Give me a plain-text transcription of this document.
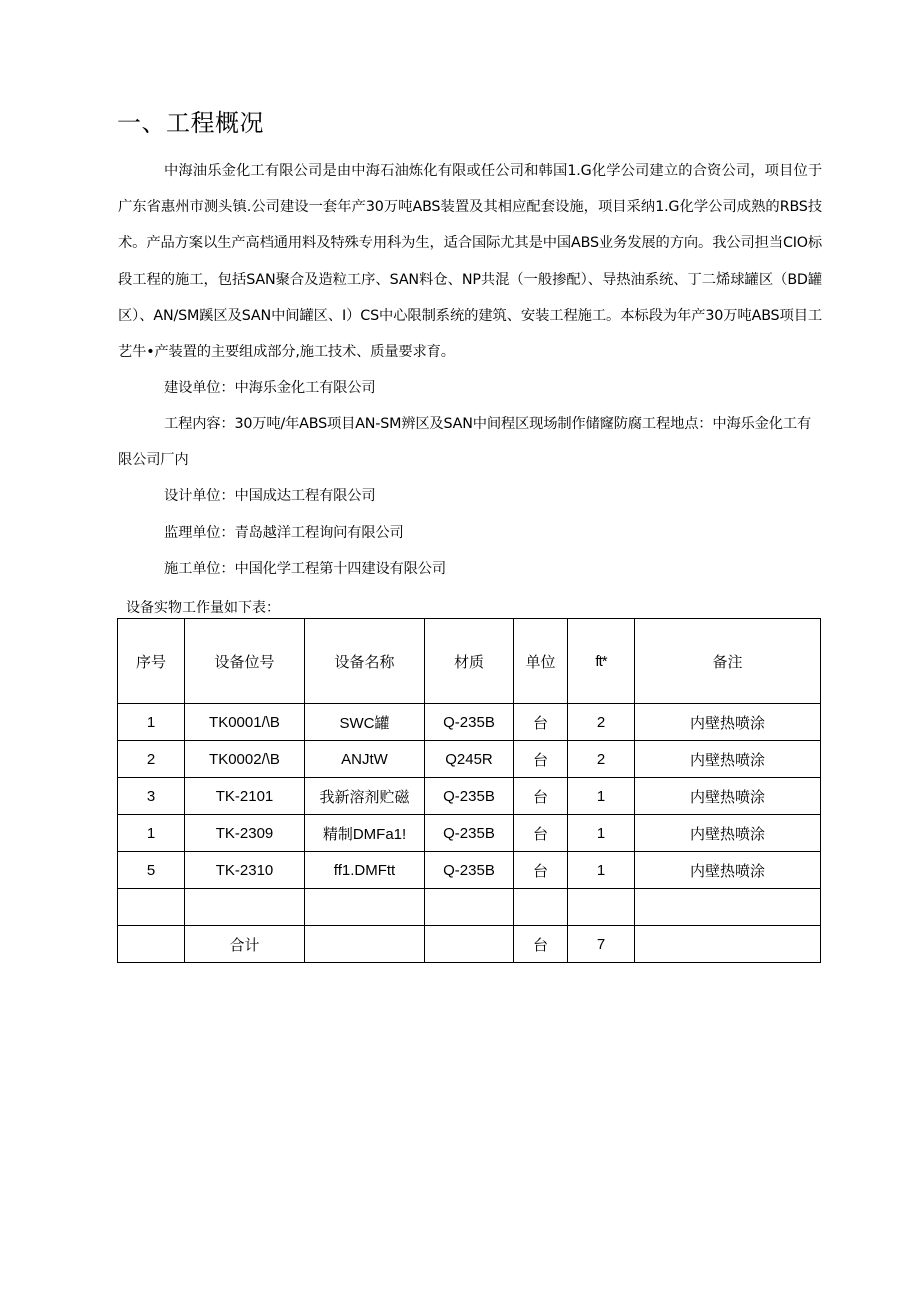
一、工程概况

中海油乐金化工有限公司是由中海石油炼化有限或任公司和韩国1.G化学公司建立的合资公司，项目位于广东省惠州市测头镇.公司建设一套年产30万吨ABS装置及其相应配套设施，项目采纳1.G化学公司成熟的RBS技术。产品方案以生产高档通用料及特殊专用科为生，适合国际尤其是中国ABS业务发展的方向。我公司担当CIO标段工程的施工，包括SAN聚合及造粒工序、SAN料仓、NP共混（一般掺配）、导热油系统、丁二烯球罐区（BD罐区）、AN/SM蹊区及SAN中间罐区、I）CS中心限制系统的建筑、安装工程施工。本标段为年产30万吨ABS项目工艺牛•产装置的主要组成部分,施工技术、质量要求育。

建设单位：中海乐金化工有限公司

工程内容：30万吨/年ABS项目AN-SM辨区及SAN中间程区现场制作储窿防腐工程地点：中海乐金化工有限公司厂内

设计单位：中国成达工程有限公司

监理单位：青岛越洋工程询问有限公司

施工单位：中国化学工程第十四建设有限公司

设备实物工作量如下表：

序号	设备位号	设备名称	材质	单位	ft*	备注
1	TK0001/\B	SWC罐	Q-235B	台	2	内壁热喷涂
2	TK0002/\B	ANJtW	Q245R	台	2	内壁热喷涂
3	TK-2101	我新溶剂贮磁	Q-235B	台	1	内壁热喷涂
1	TK-2309	精制DMFa1!	Q-235B	台	1	内壁热喷涂
5	TK-2310	ff1.DMFtt	Q-235B	台	1	内壁热喷涂

	合计			台	7	
